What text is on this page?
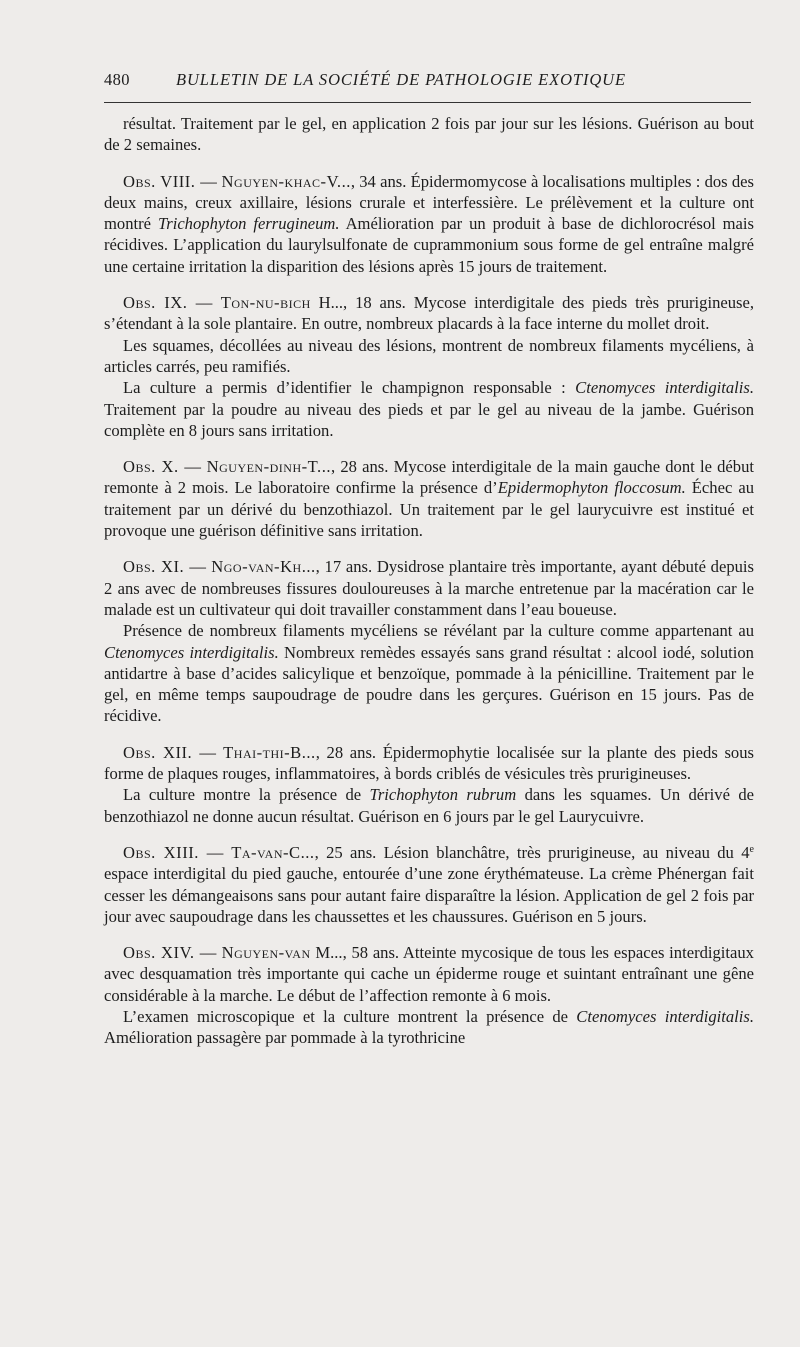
480	BULLETIN DE LA SOCIÉTÉ DE PATHOLOGIE EXOTIQUE

résultat. Traitement par le gel, en application 2 fois par jour sur les lésions. Guérison au bout de 2 semaines.

Obs. VIII. — Nguyen-khac-V..., 34 ans. Épidermomycose à localisations multiples : dos des deux mains, creux axillaire, lésions crurale et interfessière. Le prélèvement et la culture ont montré Trichophyton ferrugineum. Amélioration par un produit à base de dichlorocrésol mais récidives. L’application du laurylsulfonate de cuprammonium sous forme de gel entraîne malgré une certaine irritation la disparition des lésions après 15 jours de traitement.

Obs. IX. — Ton-nu-bich H..., 18 ans. Mycose interdigitale des pieds très prurigineuse, s’étendant à la sole plantaire. En outre, nombreux placards à la face interne du mollet droit.

Les squames, décollées au niveau des lésions, montrent de nombreux filaments mycéliens, à articles carrés, peu ramifiés.

La culture a permis d’identifier le champignon responsable : Ctenomyces interdigitalis. Traitement par la poudre au niveau des pieds et par le gel au niveau de la jambe. Guérison complète en 8 jours sans irritation.

Obs. X. — Nguyen-dinh-T..., 28 ans. Mycose interdigitale de la main gauche dont le début remonte à 2 mois. Le laboratoire confirme la présence d’Epidermophyton floccosum. Échec au traitement par un dérivé du benzothiazol. Un traitement par le gel laurycuivre est institué et provoque une guérison définitive sans irritation.

Obs. XI. — Ngo-van-Kh..., 17 ans. Dysidrose plantaire très importante, ayant débuté depuis 2 ans avec de nombreuses fissures douloureuses à la marche entretenue par la macération car le malade est un cultivateur qui doit travailler constamment dans l’eau boueuse.

Présence de nombreux filaments mycéliens se révélant par la culture comme appartenant au Ctenomyces interdigitalis. Nombreux remèdes essayés sans grand résultat : alcool iodé, solution antidartre à base d’acides salicylique et benzoïque, pommade à la pénicilline. Traitement par le gel, en même temps saupoudrage de poudre dans les gerçures. Guérison en 15 jours. Pas de récidive.

Obs. XII. — Thai-thi-B..., 28 ans. Épidermophytie localisée sur la plante des pieds sous forme de plaques rouges, inflammatoires, à bords criblés de vésicules très prurigineuses.

La culture montre la présence de Trichophyton rubrum dans les squames. Un dérivé de benzothiazol ne donne aucun résultat. Guérison en 6 jours par le gel Laurycuivre.

Obs. XIII. — Ta-van-C..., 25 ans. Lésion blanchâtre, très prurigineuse, au niveau du 4e espace interdigital du pied gauche, entourée d’une zone érythémateuse. La crème Phénergan fait cesser les démangeaisons sans pour autant faire disparaître la lésion. Application de gel 2 fois par jour avec saupoudrage dans les chaussettes et les chaussures. Guérison en 5 jours.

Obs. XIV. — Nguyen-van M..., 58 ans. Atteinte mycosique de tous les espaces interdigitaux avec desquamation très importante qui cache un épiderme rouge et suintant entraînant une gêne considérable à la marche. Le début de l’affection remonte à 6 mois.

L’examen microscopique et la culture montrent la présence de Ctenomyces interdigitalis. Amélioration passagère par pommade à la tyrothricine
